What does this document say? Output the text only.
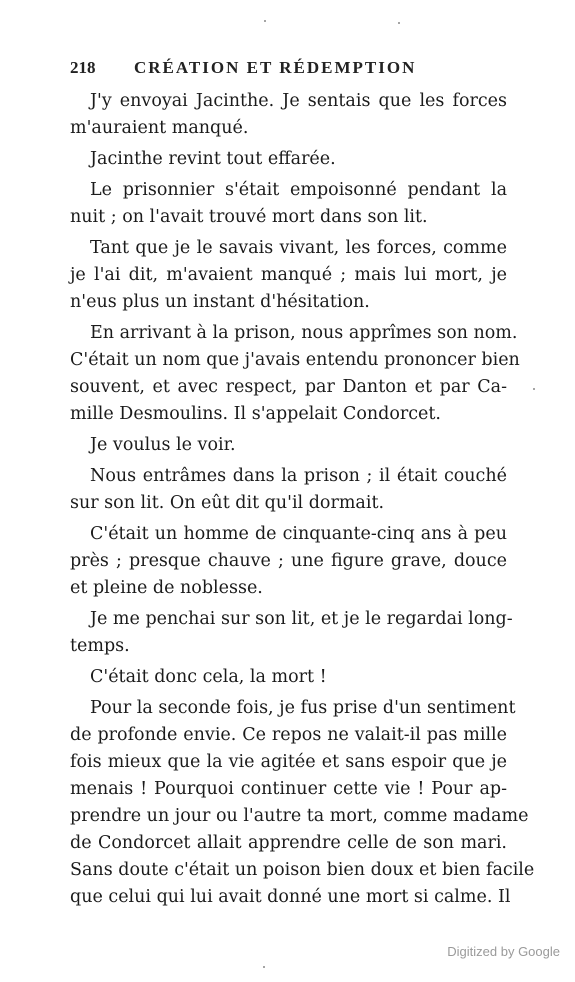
218 CRÉATION ET RÉDEMPTION
J'y envoyai Jacinthe. Je sentais que les forces
m'auraient manqué.
Jacinthe revint tout effarée.
Le prisonnier s'était empoisonné pendant la
nuit ; on l'avait trouvé mort dans son lit.
Tant que je le savais vivant, les forces, comme
je l'ai dit, m'avaient manqué ; mais lui mort, je
n'eus plus un instant d'hésitation.
En arrivant à la prison, nous apprîmes son nom.
C'était un nom que j'avais entendu prononcer bien
souvent, et avec respect, par Danton et par Ca-
mille Desmoulins. Il s'appelait Condorcet.
Je voulus le voir.
Nous entrâmes dans la prison ; il était couché
sur son lit. On eût dit qu'il dormait.
C'était un homme de cinquante-cinq ans à peu
près ; presque chauve ; une figure grave, douce
et pleine de noblesse.
Je me penchai sur son lit, et je le regardai long-
temps.
C'était donc cela, la mort !
Pour la seconde fois, je fus prise d'un sentiment
de profonde envie. Ce repos ne valait-il pas mille
fois mieux que la vie agitée et sans espoir que je
menais ! Pourquoi continuer cette vie ! Pour ap-
prendre un jour ou l'autre ta mort, comme madame
de Condorcet allait apprendre celle de son mari.
Sans doute c'était un poison bien doux et bien facile
que celui qui lui avait donné une mort si calme. Il
Digitized by Google
